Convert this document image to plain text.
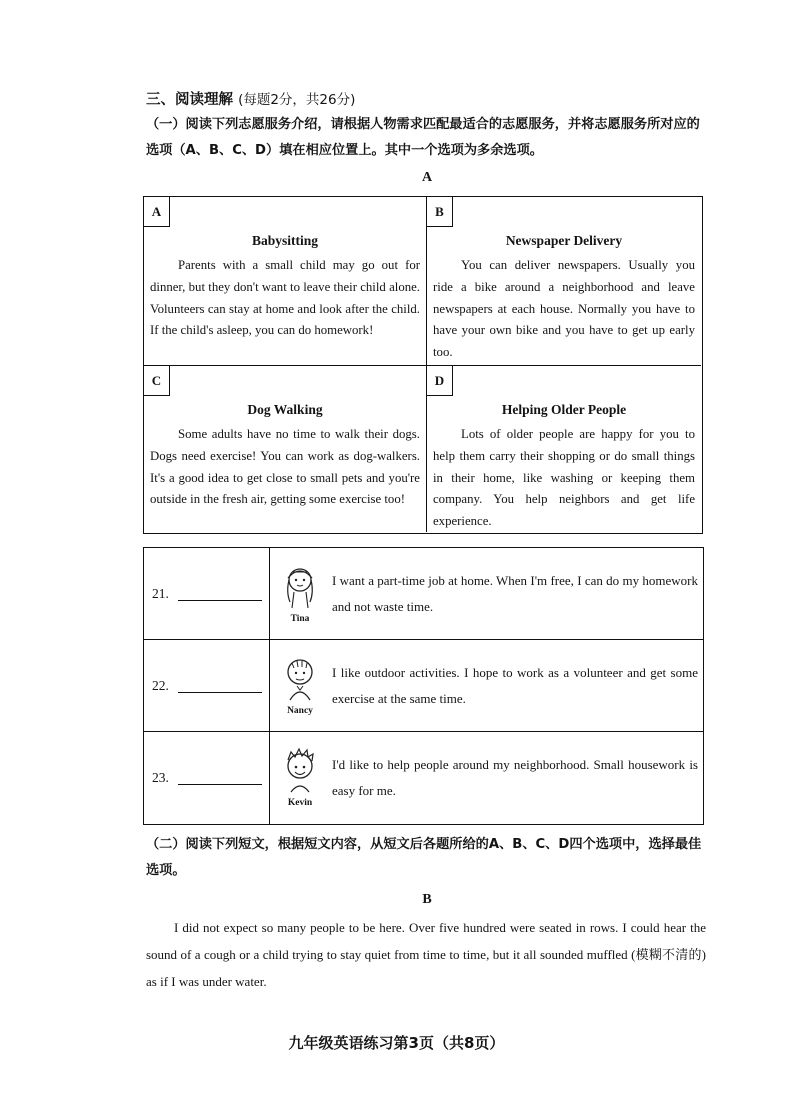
三、阅读理解 (每题2分，共26分)
（一）阅读下列志愿服务介绍，请根据人物需求匹配最适合的志愿服务，并将志愿服务所对应的选项（A、B、C、D）填在相应位置上。其中一个选项为多余选项。
A
A
Babysitting
Parents with a small child may go out for dinner, but they don't want to leave their child alone. Volunteers can stay at home and look after the child. If the child's asleep, you can do homework!
B
Newspaper Delivery
You can deliver newspapers. Usually you ride a bike around a neighborhood and leave newspapers at each house. Normally you have to have your own bike and you have to get up early too.
C
Dog Walking
Some adults have no time to walk their dogs. Dogs need exercise! You can work as dog-walkers. It's a good idea to get close to small pets and you're outside in the fresh air, getting some exercise too!
D
Helping Older People
Lots of older people are happy for you to help them carry their shopping or do small things in their home, like washing or keeping them company. You help neighbors and get life experience.
21.
Tina
I want a part-time job at home. When I'm free, I can do my homework and not waste time.
22.
Nancy
I like outdoor activities. I hope to work as a volunteer and get some exercise at the same time.
23.
Kevin
I'd like to help people around my neighborhood. Small housework is easy for me.
（二）阅读下列短文，根据短文内容，从短文后各题所给的A、B、C、D四个选项中，选择最佳选项。
B
I did not expect so many people to be here. Over five hundred were seated in rows. I could hear the sound of a cough or a child trying to stay quiet from time to time, but it all sounded muffled (模糊不清的) as if I was under water.
九年级英语练习第3页（共8页）
